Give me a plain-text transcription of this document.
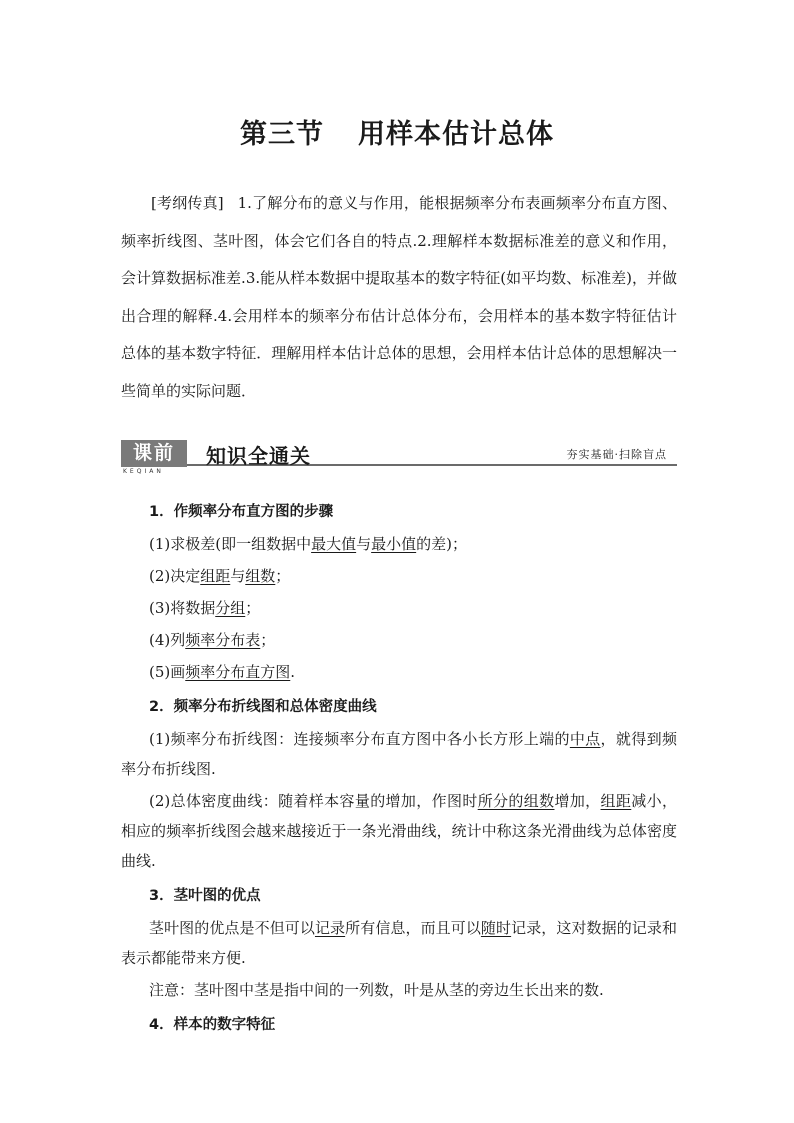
第三节 用样本估计总体
[考纲传真] 1.了解分布的意义与作用，能根据频率分布表画频率分布直方图、频率折线图、茎叶图，体会它们各自的特点.2.理解样本数据标准差的意义和作用，会计算数据标准差.3.能从样本数据中提取基本的数字特征(如平均数、标准差)，并做出合理的解释.4.会用样本的频率分布估计总体分布，会用样本的基本数字特征估计总体的基本数字特征．理解用样本估计总体的思想，会用样本估计总体的思想解决一些简单的实际问题．
课前
KEQIAN
知识全通关	夯实基础·扫除盲点

1．作频率分布直方图的步骤

(1)求极差(即一组数据中最大值与最小值的差)；

(2)决定组距与组数；

(3)将数据分组；

(4)列频率分布表；

(5)画频率分布直方图.

2．频率分布折线图和总体密度曲线

(1)频率分布折线图：连接频率分布直方图中各小长方形上端的中点，就得到频率分布折线图.

(2)总体密度曲线：随着样本容量的增加，作图时所分的组数增加，组距减小，相应的频率折线图会越来越接近于一条光滑曲线，统计中称这条光滑曲线为总体密度曲线.

3．茎叶图的优点

茎叶图的优点是不但可以记录所有信息，而且可以随时记录，这对数据的记录和表示都能带来方便.

注意：茎叶图中茎是指中间的一列数，叶是从茎的旁边生长出来的数.

4．样本的数字特征
